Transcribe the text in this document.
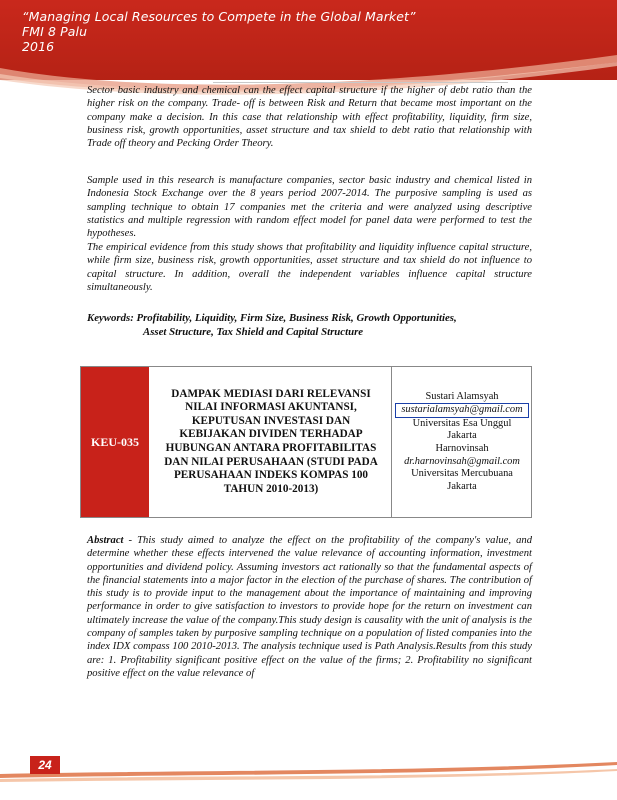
“Managing Local Resources to Compete in the Global Market”
FMI 8 Palu
2016

Sector basic industry and chemical can the effect capital structure if the higher of debt ratio than the higher risk on the company. Trade- off is between Risk and Return that became most important on the company make a decision. In this case that relationship with effect profitability, liquidity, firm size, business risk, growth opportunities, asset structure and tax shield to debt ratio that relationship with Trade off theory and Pecking Order Theory.

Sample used in this research is manufacture companies, sector basic industry and chemical listed in Indonesia Stock Exchange over the 8 years period 2007-2014. The purposive sampling is used as sampling technique to obtain 17 companies met the criteria and were analyzed using descriptive statistics and multiple regression with random effect model for panel data were performed to test the hypotheses.

The empirical evidence from this study shows that profitability and liquidity influence capital structure, while firm size, business risk, growth opportunities, asset structure and tax shield do not influence to capital structure. In addition, overall the independent variables influence capital structure simultaneously.

Keywords: Profitability, Liquidity, Firm Size, Business Risk, Growth Opportunities,
Asset Structure, Tax Shield and Capital Structure
KEU-035
DAMPAK MEDIASI DARI RELEVANSI NILAI INFORMASI AKUNTANSI, KEPUTUSAN INVESTASI DAN KEBIJAKAN DIVIDEN TERHADAP HUBUNGAN ANTARA PROFITABILITAS DAN NILAI PERUSAHAAN (STUDI PADA PERUSAHAAN INDEKS KOMPAS 100 TAHUN 2010-2013)
Sustari Alamsyah
sustarialamsyah@gmail.com
Universitas Esa Unggul
Jakarta
Harnovinsah
dr.harnovinsah@gmail.com
Universitas Mercubuana
Jakarta

Abstract - This study aimed to analyze the effect on the profitability of the company's value, and determine whether these effects intervened the value relevance of accounting information, investment opportunities and dividend policy. Assuming investors act rationally so that the fundamental aspects of the financial statements into a major factor in the election of the purchase of shares. The contribution of this study is to provide input to the management about the importance of maintaining and improving performance in order to give satisfaction to investors to provide hope for the return on investment can ultimately increase the value of the company.This study design is causality with the unit of analysis is the company of samples taken by purposive sampling technique on a population of listed companies into the index IDX compass 100 2010-2013. The analysis technique used is Path Analysis.Results from this study are: 1. Profitability significant positive effect on the value of the firms; 2. Profitability no significant positive effect on the value relevance of

24
